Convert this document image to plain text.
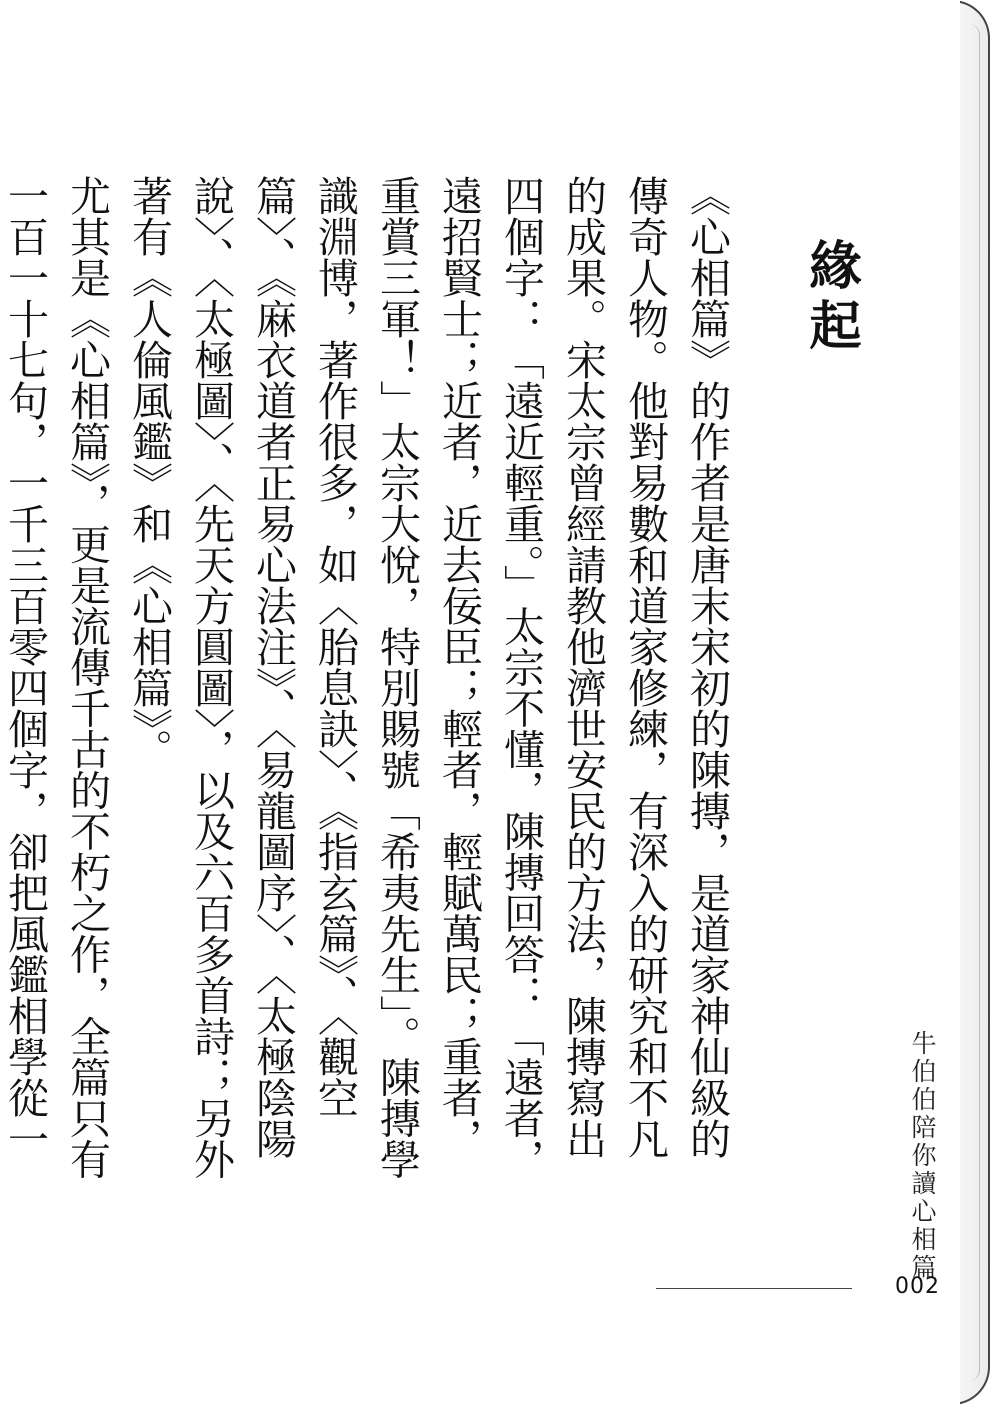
緣起

《心相篇》的作者是唐末宋初的陳摶，是道家神仙級的傳奇人物。他對易數和道家修練，有深入的研究和不凡的成果。宋太宗曾經請教他濟世安民的方法，陳摶寫出四個字：「遠近輕重。」太宗不懂，陳摶回答：「遠者，遠招賢士；近者，近去佞臣；輕者，輕賦萬民；重者，重賞三軍！」太宗大悅，特別賜號「希夷先生」。陳摶學識淵博，著作很多，如〈胎息訣〉、《指玄篇》、〈觀空篇〉、《麻衣道者正易心法注》、〈易龍圖序〉、〈太極陰陽說〉、〈太極圖〉、〈先天方圓圖〉，以及六百多首詩；另外著有《人倫風鑑》和《心相篇》。

尤其是《心相篇》，更是流傳千古的不朽之作，全篇只有一百一十七句，一千三百零四個字，卻把風鑑相學從一	牛伯伯陪你讀心相篇
002
